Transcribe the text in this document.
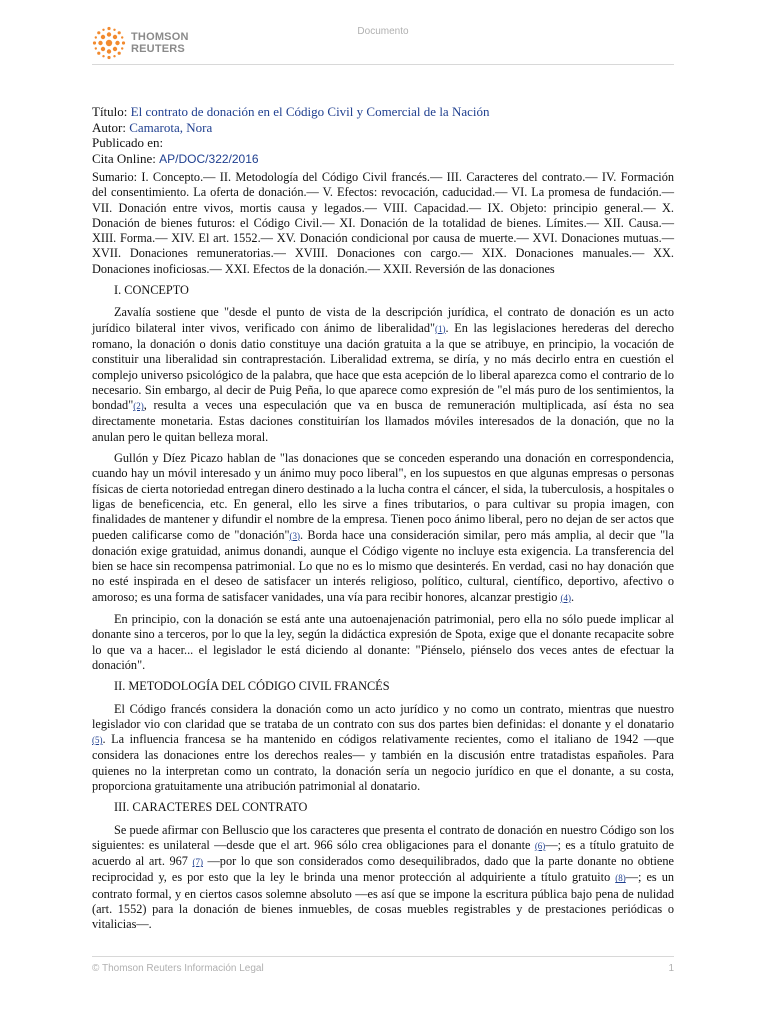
THOMSON
REUTERS
Documento
Título: El contrato de donación en el Código Civil y Comercial de la Nación
Autor: Camarota, Nora
Publicado en:
Cita Online: AP/DOC/322/2016

Sumario: I. Concepto.— II. Metodología del Código Civil francés.— III. Caracteres del contrato.— IV. Formación del consentimiento. La oferta de donación.— V. Efectos: revocación, caducidad.— VI. La promesa de fundación.— VII. Donación entre vivos, mortis causa y legados.— VIII. Capacidad.— IX. Objeto: principio general.— X. Donación de bienes futuros: el Código Civil.— XI. Donación de la totalidad de bienes. Límites.— XII. Causa.— XIII. Forma.— XIV. El art. 1552.— XV. Donación condicional por causa de muerte.— XVI. Donaciones mutuas.— XVII. Donaciones remuneratorias.— XVIII. Donaciones con cargo.— XIX. Donaciones manuales.— XX. Donaciones inoficiosas.— XXI. Efectos de la donación.— XXII. Reversión de las donaciones

I. CONCEPTO

Zavalía sostiene que "desde el punto de vista de la descripción jurídica, el contrato de donación es un acto jurídico bilateral inter vivos, verificado con ánimo de liberalidad"(1). En las legislaciones herederas del derecho romano, la donación o donis datio constituye una dación gratuita a la que se atribuye, en principio, la vocación de constituir una liberalidad sin contraprestación. Liberalidad extrema, se diría, y no más decirlo entra en cuestión el complejo universo psicológico de la palabra, que hace que esta acepción de lo liberal aparezca como el contrario de lo necesario. Sin embargo, al decir de Puig Peña, lo que aparece como expresión de "el más puro de los sentimientos, la bondad"(2), resulta a veces una especulación que va en busca de remuneración multiplicada, así ésta no sea directamente monetaria. Estas daciones constituirían los llamados móviles interesados de la donación, que no la anulan pero le quitan belleza moral.

Gullón y Díez Picazo hablan de "las donaciones que se conceden esperando una donación en correspondencia, cuando hay un móvil interesado y un ánimo muy poco liberal", en los supuestos en que algunas empresas o personas físicas de cierta notoriedad entregan dinero destinado a la lucha contra el cáncer, el sida, la tuberculosis, a hospitales o ligas de beneficencia, etc. En general, ello les sirve a fines tributarios, o para cultivar su propia imagen, con finalidades de mantener y difundir el nombre de la empresa. Tienen poco ánimo liberal, pero no dejan de ser actos que pueden calificarse como de "donación"(3). Borda hace una consideración similar, pero más amplia, al decir que "la donación exige gratuidad, animus donandi, aunque el Código vigente no incluye esta exigencia. La transferencia del bien se hace sin recompensa patrimonial. Lo que no es lo mismo que desinterés. En verdad, casi no hay donación que no esté inspirada en el deseo de satisfacer un interés religioso, político, cultural, científico, deportivo, afectivo o amoroso; es una forma de satisfacer vanidades, una vía para recibir honores, alcanzar prestigio (4).

En principio, con la donación se está ante una autoenajenación patrimonial, pero ella no sólo puede implicar al donante sino a terceros, por lo que la ley, según la didáctica expresión de Spota, exige que el donante recapacite sobre lo que va a hacer... el legislador le está diciendo al donante: "Piénselo, piénselo dos veces antes de efectuar la donación".

II. METODOLOGÍA DEL CÓDIGO CIVIL FRANCÉS

El Código francés considera la donación como un acto jurídico y no como un contrato, mientras que nuestro legislador vio con claridad que se trataba de un contrato con sus dos partes bien definidas: el donante y el donatario (5). La influencia francesa se ha mantenido en códigos relativamente recientes, como el italiano de 1942 —que considera las donaciones entre los derechos reales— y también en la discusión entre tratadistas españoles. Para quienes no la interpretan como un contrato, la donación sería un negocio jurídico en que el donante, a su costa, proporciona gratuitamente una atribución patrimonial al donatario.

III. CARACTERES DEL CONTRATO

Se puede afirmar con Belluscio que los caracteres que presenta el contrato de donación en nuestro Código son los siguientes: es unilateral —desde que el art. 966 sólo crea obligaciones para el donante (6)—; es a título gratuito de acuerdo al art. 967 (7) —por lo que son considerados como desequilibrados, dado que la parte donante no obtiene reciprocidad y, es por esto que la ley le brinda una menor protección al adquiriente a título gratuito (8)—; es un contrato formal, y en ciertos casos solemne absoluto —es así que se impone la escritura pública bajo pena de nulidad (art. 1552) para la donación de bienes inmuebles, de cosas muebles registrables y de prestaciones periódicas o vitalicias—.

© Thomson Reuters Información Legal	1
